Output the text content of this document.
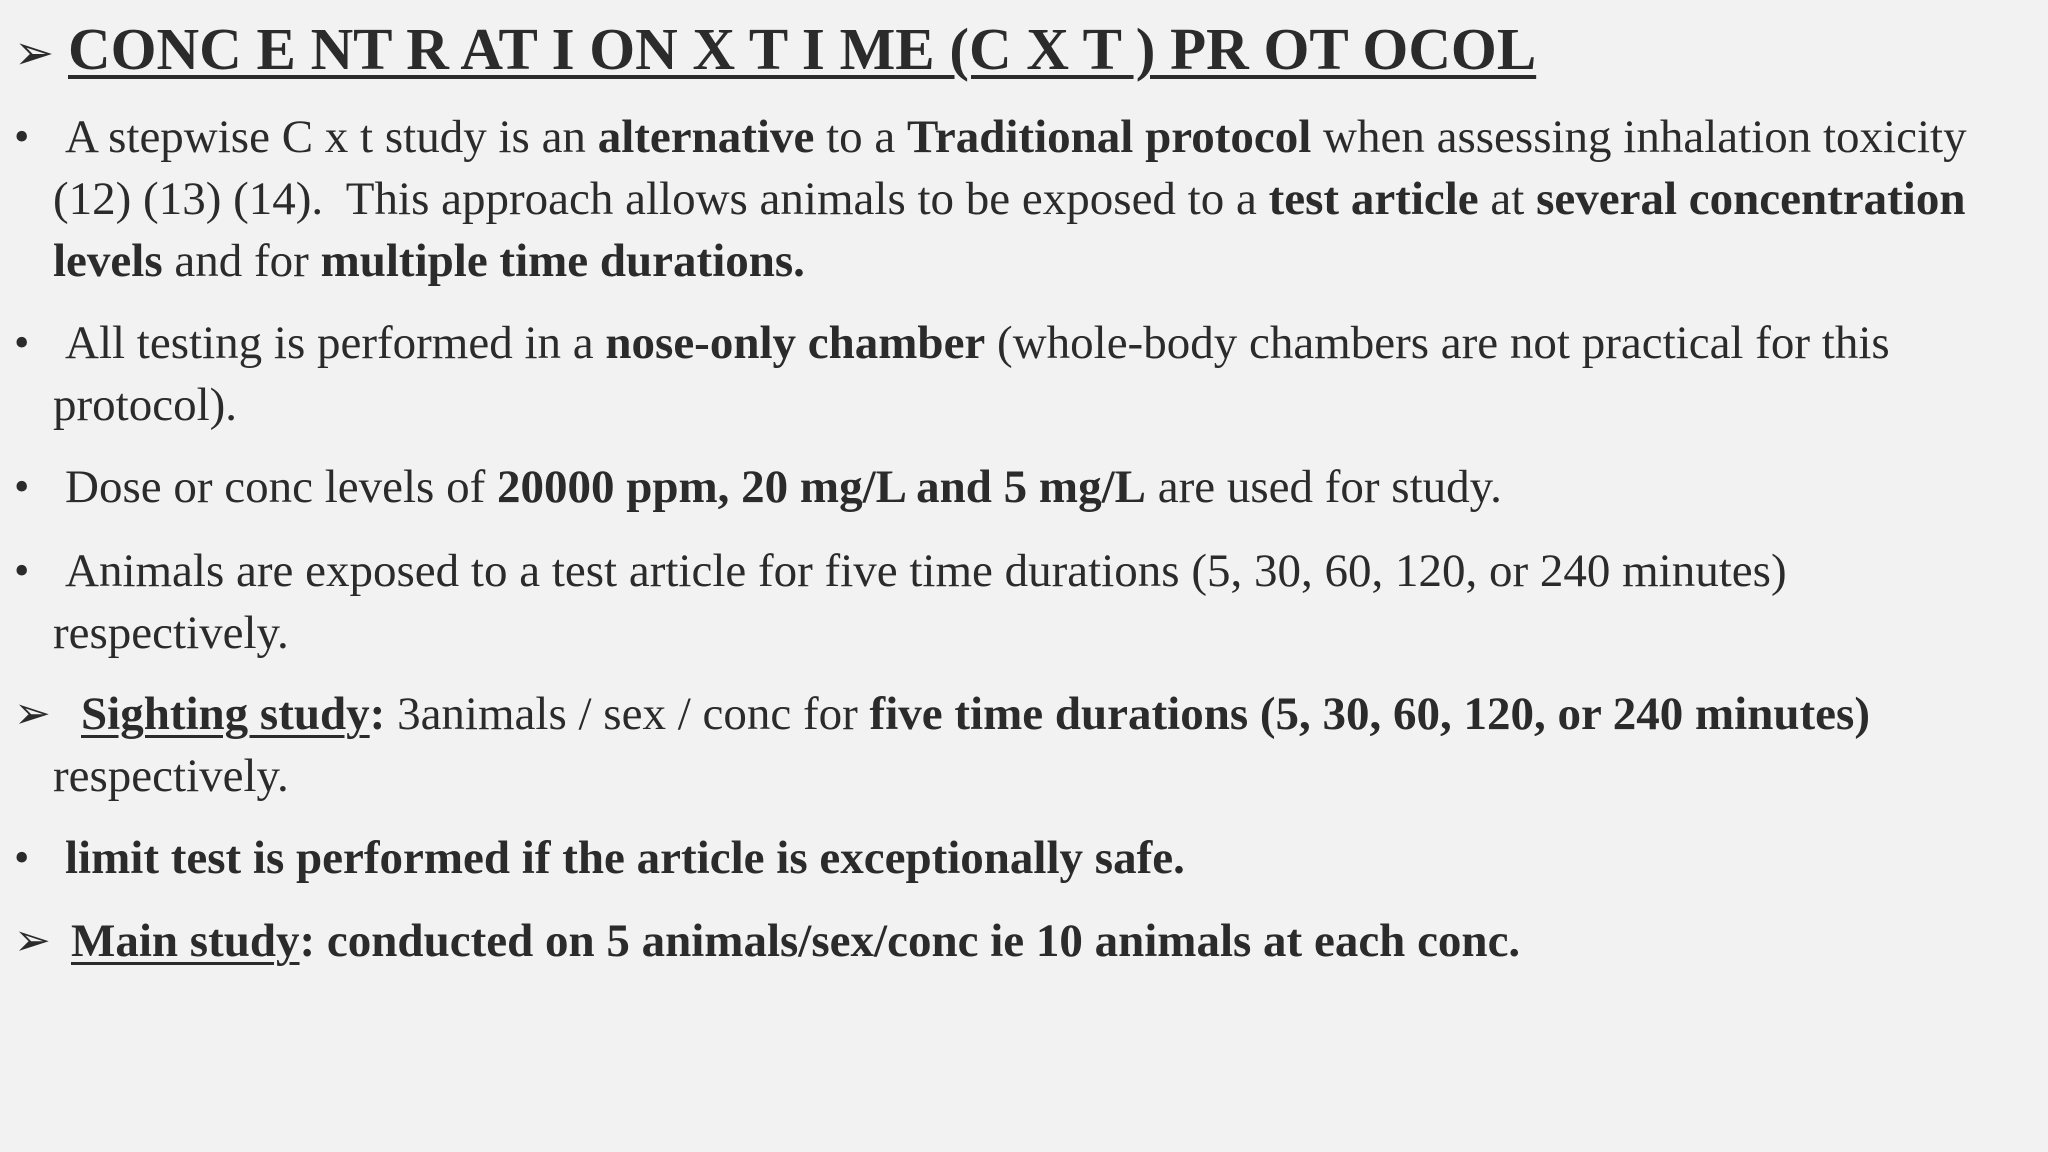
➢ CONC E NT R AT I ON X T I ME (C X T ) PR OT OCOL
• A stepwise C x t study is an alternative to a Traditional protocol when assessing inhalation toxicity (12) (13) (14).  This approach allows animals to be exposed to a test article at several concentration levels and for multiple time durations.
• All testing is performed in a nose-only chamber (whole-body chambers are not practical for this protocol).
• Dose or conc levels of 20000 ppm, 20 mg/L and 5 mg/L are used for study.
• Animals are exposed to a test article for five time durations (5, 30, 60, 120, or 240 minutes) respectively.
➢ Sighting study: 3animals / sex / conc for five time durations (5, 30, 60, 120, or 240 minutes) respectively.
• limit test is performed if the article is exceptionally safe.
➢ Main study: conducted on 5 animals/sex/conc ie 10 animals at each conc.
